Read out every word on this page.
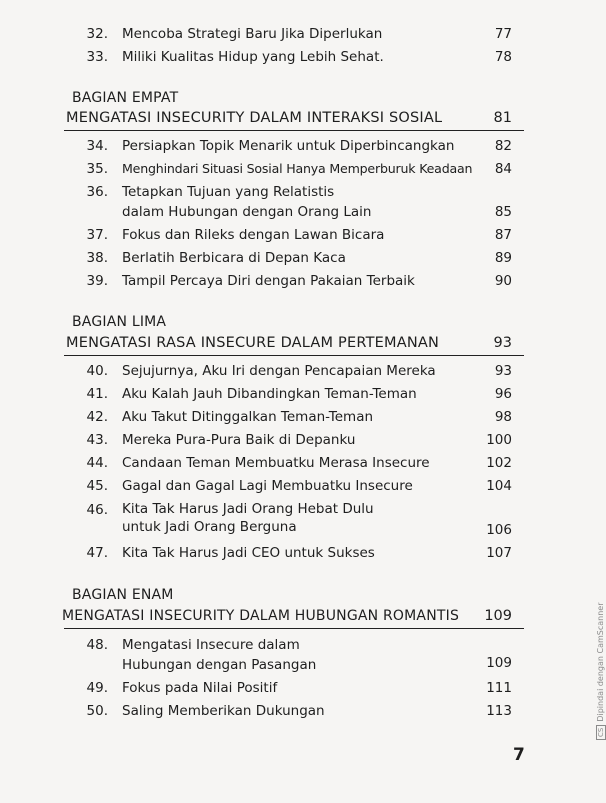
32. Mencoba Strategi Baru Jika Diperlukan	77
33. Miliki Kualitas Hidup yang Lebih Sehat.	78
BAGIAN EMPAT
MENGATASI INSECURITY DALAM INTERAKSI SOSIAL	81
34. Persiapkan Topik Menarik untuk Diperbincangkan	82
35. Menghindari Situasi Sosial Hanya Memperburuk Keadaan 84
36. Tetapkan Tujuan yang Relatistis
dalam Hubungan dengan Orang Lain	85
37. Fokus dan Rileks dengan Lawan Bicara	87
38. Berlatih Berbicara di Depan Kaca	89
39. Tampil Percaya Diri dengan Pakaian Terbaik	90
BAGIAN LIMA
MENGATASI RASA INSECURE DALAM PERTEMANAN	93
40. Sejujurnya, Aku Iri dengan Pencapaian Mereka	93
41. Aku Kalah Jauh Dibandingkan Teman-Teman	96
42. Aku Takut Ditinggalkan Teman-Teman	98
43. Mereka Pura-Pura Baik di Depanku	100
44. Candaan Teman Membuatku Merasa Insecure	102
45. Gagal dan Gagal Lagi Membuatku Insecure	104
46. Kita Tak Harus Jadi Orang Hebat Dulu
untuk Jadi Orang Berguna	106
47. Kita Tak Harus Jadi CEO untuk Sukses	107
BAGIAN ENAM
MENGATASI INSECURITY DALAM HUBUNGAN ROMANTIS 109
48. Mengatasi Insecure dalam
Hubungan dengan Pasangan	109
49. Fokus pada Nilai Positif	111
50. Saling Memberikan Dukungan	113
7
CSDipindai dengan CamScanner
